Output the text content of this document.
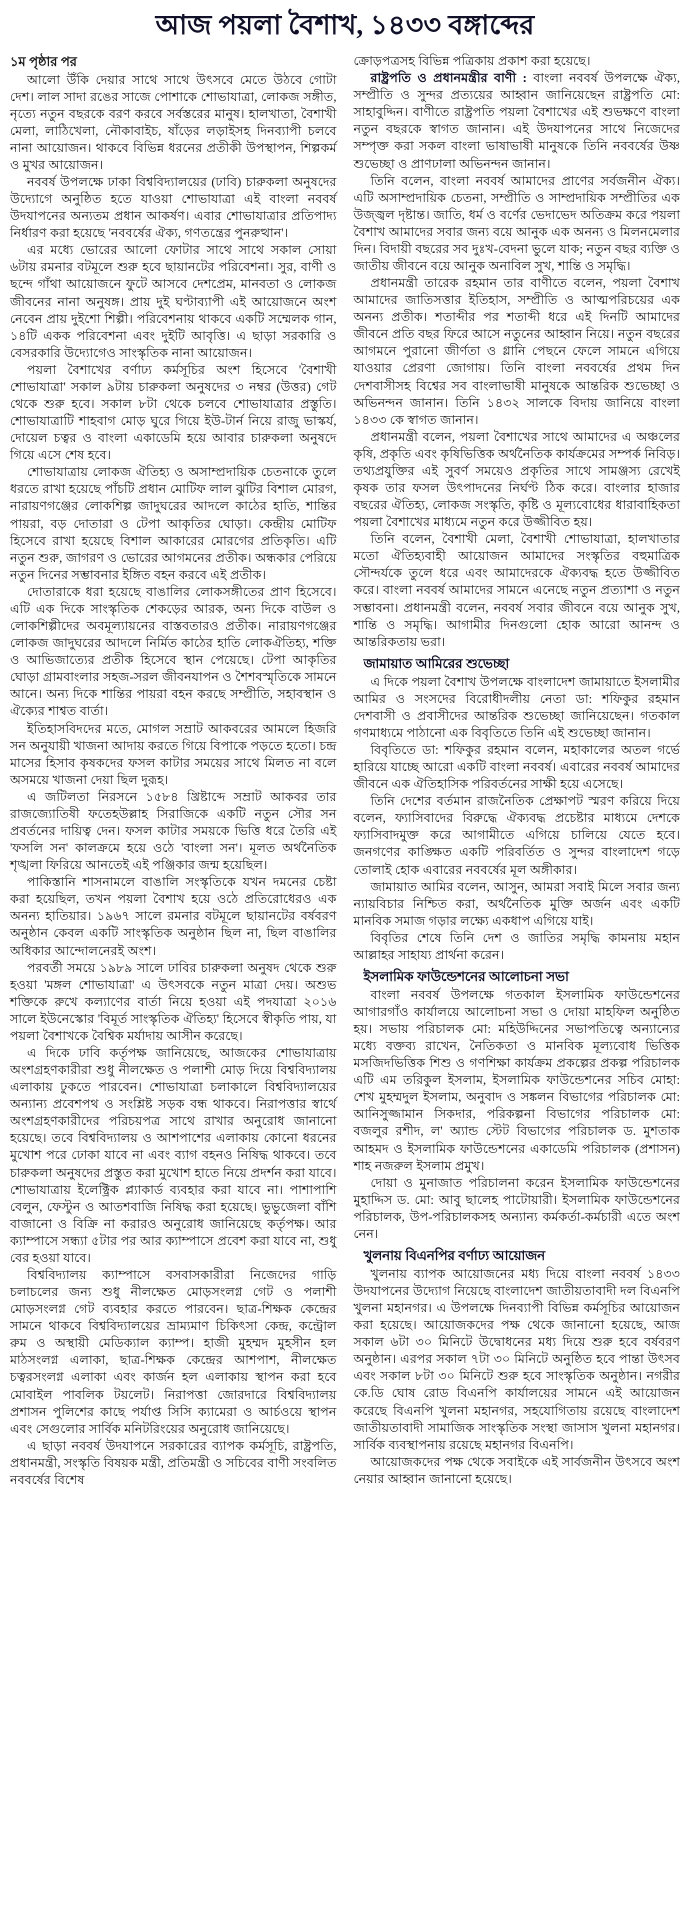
আজ পয়লা বৈশাখ, ১৪৩৩ বঙ্গাব্দের

১ম পৃষ্ঠার পর

আলো উঁকি দেয়ার সাথে সাথে উৎসবে মেতে উঠবে গোটা দেশ। লাল সাদা রঙের সাজে পোশাকে শোভাযাত্রা, লোকজ সঙ্গীত, নৃত্যে নতুন বছরকে বরণ করবে সর্বস্তরের মানুষ। হালখাতা, বৈশাখী মেলা, লাঠিখেলা, নৌকাবাইচ, ষাঁড়ের লড়াইসহ দিনব্যাপী চলবে নানা আয়োজন। থাকবে বিভিন্ন ধরনের প্রতীকী উপস্থাপন, শিল্পকর্ম ও মুখর আয়োজন।

নববর্ষ উপলক্ষে ঢাকা বিশ্ববিদ্যালয়ের (ঢাবি) চারুকলা অনুষদের উদ্যোগে অনুষ্ঠিত হতে যাওয়া শোভাযাত্রা এই বাংলা নববর্ষ উদযাপনের অন্যতম প্রধান আকর্ষণ। এবার শোভাযাত্রার প্রতিপাদ্য নির্ধারণ করা হয়েছে 'নববর্ষের ঐক্য, গণতন্ত্রের পুনরুত্থান'।

এর মধ্যে ভোরের আলো ফোটার সাথে সাথে সকাল সোয়া ৬টায় রমনার বটমূলে শুরু হবে ছায়ানটের পরিবেশনা। সুর, বাণী ও ছন্দে গাঁথা আয়োজনে ফুটে আসবে দেশপ্রেম, মানবতা ও লোকজ জীবনের নানা অনুষঙ্গ। প্রায় দুই ঘণ্টাব্যাপী এই আয়োজনে অংশ নেবেন প্রায় দুইশো শিল্পী। পরিবেশনায় থাকবে একটি সম্মেলক গান, ১৪টি একক পরিবেশনা এবং দুইটি আবৃত্তি। এ ছাড়া সরকারি ও বেসরকারি উদ্যোগেও সাংস্কৃতিক নানা আয়োজন।

পয়লা বৈশাখের বর্ণাঢ্য কর্মসূচির অংশ হিসেবে 'বৈশাখী শোভাযাত্রা' সকাল ৯টায় চারুকলা অনুষদের ৩ নম্বর (উত্তর) গেট থেকে শুরু হবে। সকাল ৮টা থেকে চলবে শোভাযাত্রার প্রস্তুতি। শোভাযাত্রাটি শাহবাগ মোড় ঘুরে গিয়ে ইউ-টার্ন নিয়ে রাজু ভাস্কর্য, দোয়েল চত্বর ও বাংলা একাডেমি হয়ে আবার চারুকলা অনুষদে গিয়ে এসে শেষ হবে।

শোভাযাত্রায় লোকজ ঐতিহ্য ও অসাম্প্রদায়িক চেতনাকে তুলে ধরতে রাখা হয়েছে পাঁচটি প্রধান মোটিফ লাল ঝুটির বিশাল মোরগ, নারায়ণগঞ্জের লোকশিল্প জাদুঘরের আদলে কাঠের হাতি, শান্তির পায়রা, বড় দোতারা ও টেপা আকৃতির ঘোড়া। কেন্দ্রীয় মোটিফ হিসেবে রাখা হয়েছে বিশাল আকারের মোরগের প্রতিকৃতি। এটি নতুন শুরু, জাগরণ ও ভোরের আগমনের প্রতীক। অন্ধকার পেরিয়ে নতুন দিনের সম্ভাবনার ইঙ্গিত বহন করবে এই প্রতীক।

দোতারাকে ধরা হয়েছে বাঙালির লোকসঙ্গীতের প্রাণ হিসেবে। এটি এক দিকে সাংস্কৃতিক শেকড়ের আরক, অন্য দিকে বাউল ও লোকশিল্পীদের অবমূল্যায়নের বাস্তবতারও প্রতীক। নারায়ণগঞ্জের লোকজ জাদুঘরের আদলে নির্মিত কাঠের হাতি লোকঐতিহ্য, শক্তি ও আভিজাত্যের প্রতীক হিসেবে স্থান পেয়েছে। টেপা আকৃতির ঘোড়া গ্রামবাংলার সহজ-সরল জীবনযাপন ও শৈশবস্মৃতিকে সামনে আনে। অন্য দিকে শান্তির পায়রা বহন করছে সম্প্রীতি, সহাবস্থান ও ঐক্যের শাশ্বত বার্তা।

ইতিহাসবিদদের মতে, মোগল সম্রাট আকবরের আমলে হিজরি সন অনুযায়ী খাজনা আদায় করতে গিয়ে বিপাকে পড়তে হতো। চন্দ্র মাসের হিসাব কৃষকদের ফসল কাটার সময়ের সাথে মিলত না বলে অসময়ে খাজনা দেয়া ছিল দুরূহ।

এ জটিলতা নিরসনে ১৫৮৪ খ্রিষ্টাব্দে সম্রাট আকবর তার রাজজ্যোতিষী ফতেহউল্লাহ সিরাজিকে একটি নতুন সৌর সন প্রবর্তনের দায়িত্ব দেন। ফসল কাটার সময়কে ভিত্তি ধরে তৈরি এই 'ফসলি সন' কালক্রমে হয়ে ওঠে 'বাংলা সন'। মূলত অর্থনৈতিক শৃঙ্খলা ফিরিয়ে আনতেই এই পঞ্জিকার জন্ম হয়েছিল।

পাকিস্তানি শাসনামলে বাঙালি সংস্কৃতিকে যখন দমনের চেষ্টা করা হয়েছিল, তখন পয়লা বৈশাখ হয়ে ওঠে প্রতিরোধেরও এক অনন্য হাতিয়ার। ১৯৬৭ সালে রমনার বটমূলে ছায়ানটের বর্ষবরণ অনুষ্ঠান কেবল একটি সাংস্কৃতিক অনুষ্ঠান ছিল না, ছিল বাঙালির অধিকার আন্দোলনেরই অংশ।

পরবর্তী সময়ে ১৯৮৯ সালে ঢাবির চারুকলা অনুষদ থেকে শুরু হওয়া 'মঙ্গল শোভাযাত্রা' এ উৎসবকে নতুন মাত্রা দেয়। অশুভ শক্তিকে রুখে কল্যাণের বার্তা নিয়ে হওয়া এই পদযাত্রা ২০১৬ সালে ইউনেস্কোর 'বিমূর্ত সাংস্কৃতিক ঐতিহ্য' হিসেবে স্বীকৃতি পায়, যা পয়লা বৈশাখকে বৈশ্বিক মর্যাদায় আসীন করেছে।

এ দিকে ঢাবি কর্তৃপক্ষ জানিয়েছে, আজকের শোভাযাত্রায় অংশগ্রহণকারীরা শুধু নীলক্ষেত ও পলাশী মোড় দিয়ে বিশ্ববিদ্যালয় এলাকায় ঢুকতে পারবেন। শোভাযাত্রা চলাকালে বিশ্ববিদ্যালয়ের অন্যান্য প্রবেশপথ ও সংশ্লিষ্ট সড়ক বন্ধ থাকবে। নিরাপত্তার স্বার্থে অংশগ্রহণকারীদের পরিচয়পত্র সাথে রাখার অনুরোধ জানানো হয়েছে। তবে বিশ্ববিদ্যালয় ও আশপাশের এলাকায় কোনো ধরনের মুখোশ পরে ঢোকা যাবে না এবং ব্যাগ বহনও নিষিদ্ধ থাকবে। তবে চারুকলা অনুষদের প্রস্তুত করা মুখোশ হাতে নিয়ে প্রদর্শন করা যাবে। শোভাযাত্রায় ইলেক্ট্রিক প্ল্যাকার্ড ব্যবহার করা যাবে না। পাশাপাশি বেলুন, ফেস্টুন ও আতশবাজি নিষিদ্ধ করা হয়েছে। ভুভুজেলা বাঁশি বাজানো ও বিক্রি না করারও অনুরোধ জানিয়েছে কর্তৃপক্ষ। আর ক্যাম্পাসে সন্ধ্যা ৫টার পর আর ক্যাম্পাসে প্রবেশ করা যাবে না, শুধু বের হওয়া যাবে।

বিশ্ববিদ্যালয় ক্যাম্পাসে বসবাসকারীরা নিজেদের গাড়ি চলাচলের জন্য শুধু নীলক্ষেত মোড়সংলগ্ন গেট ও পলাশী মোড়সংলগ্ন গেট ব্যবহার করতে পারবেন। ছাত্র-শিক্ষক কেন্দ্রের সামনে থাকবে বিশ্ববিদ্যালয়ের ভ্রাম্যমাণ চিকিৎসা কেন্দ্র, কন্ট্রোল রুম ও অস্থায়ী মেডিক্যাল ক্যাম্প। হাজী মুহম্মদ মুহসীন হল মাঠসংলগ্ন এলাকা, ছাত্র-শিক্ষক কেন্দ্রের আশপাশ, নীলক্ষেত চত্বরসংলগ্ন এলাকা এবং কার্জন হল এলাকায় স্থাপন করা হবে মোবাইল পাবলিক টয়লেট। নিরাপত্তা জোরদারে বিশ্ববিদ্যালয় প্রশাসন পুলিশের কাছে পর্যাপ্ত সিসি ক্যামেরা ও আর্চওয়ে স্থাপন এবং সেগুলোর সার্বিক মনিটরিংয়ের অনুরোধ জানিয়েছে।

এ ছাড়া নববর্ষ উদযাপনে সরকারের ব্যাপক কর্মসূচি, রাষ্ট্রপতি, প্রধানমন্ত্রী, সংস্কৃতি বিষয়ক মন্ত্রী, প্রতিমন্ত্রী ও সচিবের বাণী সংবলিত নববর্ষের বিশেষ

ক্রোড়পত্রসহ বিভিন্ন পত্রিকায় প্রকাশ করা হয়েছে।

রাষ্ট্রপতি ও প্রধানমন্ত্রীর বাণী : বাংলা নববর্ষ উপলক্ষে ঐক্য, সম্প্রীতি ও সুন্দর প্রত্যয়ের আহ্বান জানিয়েছেন রাষ্ট্রপতি মো: সাহাবুদ্দিন। বাণীতে রাষ্ট্রপতি পয়লা বৈশাখের এই শুভক্ষণে বাংলা নতুন বছরকে স্বাগত জানান। এই উদযাপনের সাথে নিজেদের সম্পৃক্ত করা সকল বাংলা ভাষাভাষী মানুষকে তিনি নববর্ষের উষ্ণ শুভেচ্ছা ও প্রাণঢালা অভিনন্দন জানান।

তিনি বলেন, বাংলা নববর্ষ আমাদের প্রাণের সর্বজনীন ঐক্য। এটি অসাম্প্রদায়িক চেতনা, সম্প্রীতি ও সাম্প্রদায়িক সম্প্রীতির এক উজ্জ্বল দৃষ্টান্ত। জাতি, ধর্ম ও বর্ণের ভেদাভেদ অতিক্রম করে পয়লা বৈশাখ আমাদের সবার জন্য বয়ে আনুক এক অনন্য ও মিলনমেলার দিন। বিদায়ী বছরের সব দুঃখ-বেদনা ভুলে যাক; নতুন বছর ব্যক্তি ও জাতীয় জীবনে বয়ে আনুক অনাবিল সুখ, শান্তি ও সমৃদ্ধি।

প্রধানমন্ত্রী তারেক রহমান তার বাণীতে বলেন, পয়লা বৈশাখ আমাদের জাতিসত্তার ইতিহাস, সম্প্রীতি ও আত্মপরিচয়ের এক অনন্য প্রতীক। শতাব্দীর পর শতাব্দী ধরে এই দিনটি আমাদের জীবনে প্রতি বছর ফিরে আসে নতুনের আহ্বান নিয়ে। নতুন বছরের আগমনে পুরানো জীর্ণতা ও গ্লানি পেছনে ফেলে সামনে এগিয়ে যাওয়ার প্রেরণা জোগায়। তিনি বাংলা নববর্ষের প্রথম দিন দেশবাসীসহ বিশ্বের সব বাংলাভাষী মানুষকে আন্তরিক শুভেচ্ছা ও অভিনন্দন জানান। তিনি ১৪৩২ সালকে বিদায় জানিয়ে বাংলা ১৪৩৩ কে স্বাগত জানান।

প্রধানমন্ত্রী বলেন, পয়লা বৈশাখের সাথে আমাদের এ অঞ্চলের কৃষি, প্রকৃতি এবং কৃষিভিত্তিক অর্থনৈতিক কার্যক্রমের সম্পর্ক নিবিড়। তথ্যপ্রযুক্তির এই সুবর্ণ সময়েও প্রকৃতির সাথে সামঞ্জস্য রেখেই কৃষক তার ফসল উৎপাদনের নির্ঘণ্ট ঠিক করে। বাংলার হাজার বছরের ঐতিহ্য, লোকজ সংস্কৃতি, কৃষ্টি ও মূল্যবোধের ধারাবাহিকতা পয়লা বৈশাখের মাধ্যমে নতুন করে উজ্জীবিত হয়।

তিনি বলেন, বৈশাখী মেলা, বৈশাখী শোভাযাত্রা, হালখাতার মতো ঐতিহ্যবাহী আয়োজন আমাদের সংস্কৃতির বহুমাত্রিক সৌন্দর্যকে তুলে ধরে এবং আমাদেরকে ঐক্যবদ্ধ হতে উজ্জীবিত করে। বাংলা নববর্ষ আমাদের সামনে এনেছে নতুন প্রত্যাশা ও নতুন সম্ভাবনা। প্রধানমন্ত্রী বলেন, নববর্ষ সবার জীবনে বয়ে আনুক সুখ, শান্তি ও সমৃদ্ধি। আগামীর দিনগুলো হোক আরো আনন্দ ও আন্তরিকতায় ভরা।

জামায়াত আমিরের শুভেচ্ছা

এ দিকে পয়লা বৈশাখ উপলক্ষে বাংলাদেশ জামায়াতে ইসলামীর আমির ও সংসদের বিরোধীদলীয় নেতা ডা: শফিকুর রহমান দেশবাসী ও প্রবাসীদের আন্তরিক শুভেচ্ছা জানিয়েছেন। গতকাল গণমাধ্যমে পাঠানো এক বিবৃতিতে তিনি এই শুভেচ্ছা জানান।

বিবৃতিতে ডা: শফিকুর রহমান বলেন, মহাকালের অতল গর্ভে হারিয়ে যাচ্ছে আরো একটি বাংলা নববর্ষ। এবারের নববর্ষ আমাদের জীবনে এক ঐতিহাসিক পরিবর্তনের সাক্ষী হয়ে এসেছে।

তিনি দেশের বর্তমান রাজনৈতিক প্রেক্ষাপট স্মরণ করিয়ে দিয়ে বলেন, ফ্যাসিবাদের বিরুদ্ধে ঐক্যবদ্ধ প্রচেষ্টার মাধ্যমে দেশকে ফ্যাসিবাদমুক্ত করে আগামীতে এগিয়ে চালিয়ে যেতে হবে। জনগণের কাঙ্ক্ষিত একটি পরিবর্তিত ও সুন্দর বাংলাদেশ গড়ে তোলাই হোক এবারের নববর্ষের মূল অঙ্গীকার।

জামায়াত আমির বলেন, আসুন, আমরা সবাই মিলে সবার জন্য ন্যায়বিচার নিশ্চিত করা, অর্থনৈতিক মুক্তি অর্জন এবং একটি মানবিক সমাজ গড়ার লক্ষ্যে একধাপ এগিয়ে যাই।

বিবৃতির শেষে তিনি দেশ ও জাতির সমৃদ্ধি কামনায় মহান আল্লাহর সাহায্য প্রার্থনা করেন।

ইসলামিক ফাউন্ডেশনের আলোচনা সভা

বাংলা নববর্ষ উপলক্ষে গতকাল ইসলামিক ফাউন্ডেশনের আগারগাঁও কার্যালয়ে আলোচনা সভা ও দোয়া মাহফিল অনুষ্ঠিত হয়। সভায় পরিচালক মো: মহিউদ্দিনের সভাপতিত্বে অন্যান্যের মধ্যে বক্তব্য রাখেন, নৈতিকতা ও মানবিক মূল্যবোধ ভিত্তিক মসজিদভিত্তিক শিশু ও গণশিক্ষা কার্যক্রম প্রকল্পের প্রকল্প পরিচালক এটি এম তরিকুল ইসলাম, ইসলামিক ফাউন্ডেশনের সচিব মোহা: শেখ মুহম্মদুল ইসলাম, অনুবাদ ও সঙ্কলন বিভাগের পরিচালক মো: আনিসুজ্জামান সিকদার, পরিকল্পনা বিভাগের পরিচালক মো: বজলুর রশীদ, ল' অ্যান্ড স্টেট বিভাগের পরিচালক ড. মুশতাক আহমদ ও ইসলামিক ফাউন্ডেশনের একাডেমি পরিচালক (প্রশাসন) শাহ নজরুল ইসলাম প্রমুখ।

দোয়া ও মুনাজাত পরিচালনা করেন ইসলামিক ফাউন্ডেশনের মুহাদ্দিস ড. মো: আবু ছালেহ পাটোয়ারী। ইসলামিক ফাউন্ডেশনের পরিচালক, উপ-পরিচালকসহ অন্যান্য কর্মকর্তা-কর্মচারী এতে অংশ নেন।

খুলনায় বিএনপির বর্ণাঢ্য আয়োজন

খুলনায় ব্যাপক আয়োজনের মধ্য দিয়ে বাংলা নববর্ষ ১৪৩৩ উদযাপনের উদ্যোগ নিয়েছে বাংলাদেশ জাতীয়তাবাদী দল বিএনপি খুলনা মহানগর। এ উপলক্ষে দিনব্যাপী বিভিন্ন কর্মসূচির আয়োজন করা হয়েছে। আয়োজকদের পক্ষ থেকে জানানো হয়েছে, আজ সকাল ৬টা ৩০ মিনিটে উদ্বোধনের মধ্য দিয়ে শুরু হবে বর্ষবরণ অনুষ্ঠান। এরপর সকাল ৭টা ৩০ মিনিটে অনুষ্ঠিত হবে পান্তা উৎসব এবং সকাল ৮টা ৩০ মিনিটে শুরু হবে সাংস্কৃতিক অনুষ্ঠান। নগরীর কে.ডি ঘোষ রোড বিএনপি কার্যালয়ের সামনে এই আয়োজন করেছে বিএনপি খুলনা মহানগর, সহযোগিতায় রয়েছে বাংলাদেশ জাতীয়তাবাদী সামাজিক সাংস্কৃতিক সংস্থা জাসাস খুলনা মহানগর। সার্বিক ব্যবস্থাপনায় রয়েছে মহানগর বিএনপি।

আয়োজকদের পক্ষ থেকে সবাইকে এই সার্বজনীন উৎসবে অংশ নেয়ার আহ্বান জানানো হয়েছে।
